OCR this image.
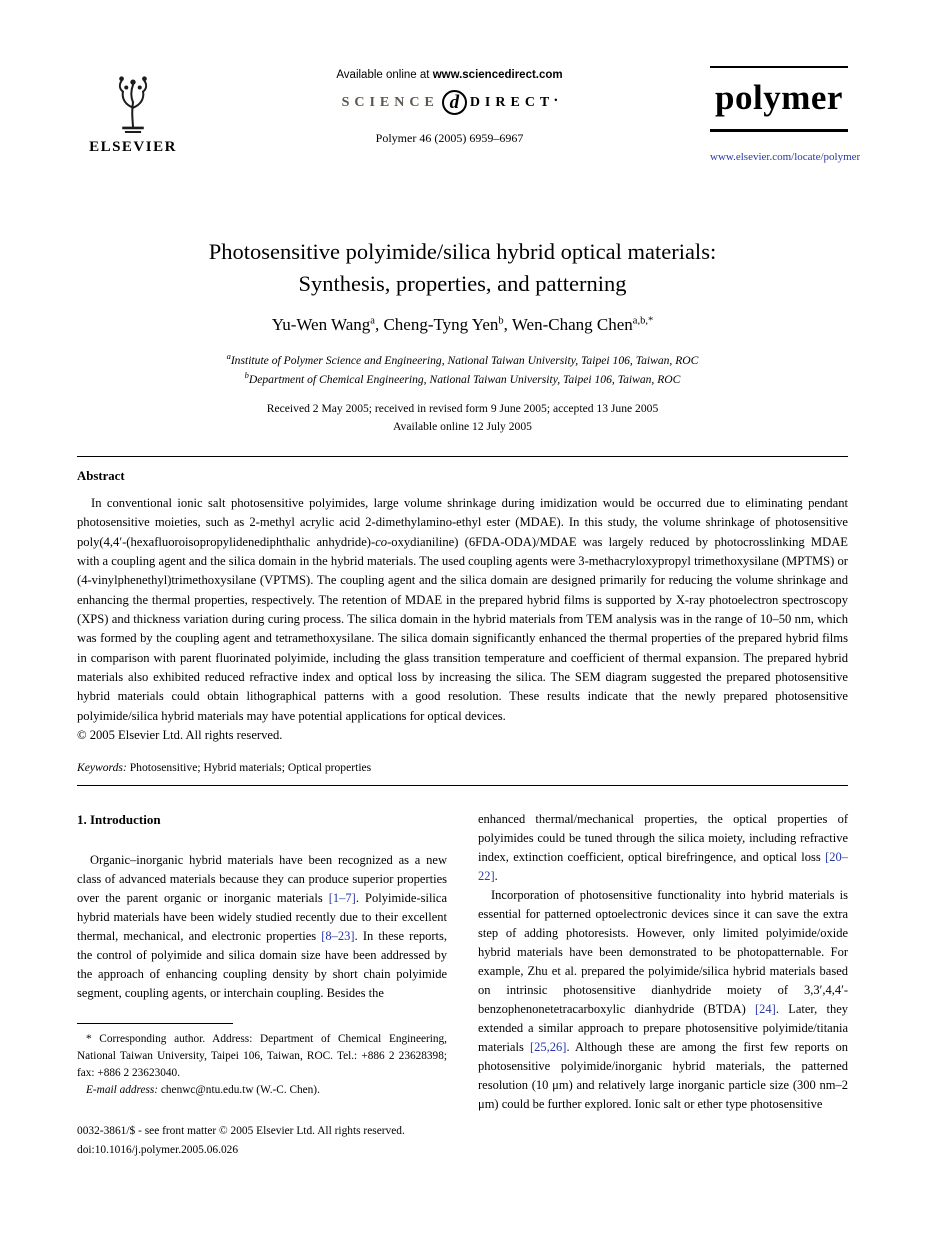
ELSEVIER
Available online at www.sciencedirect.com
SCIENCE d DIRECT•
Polymer 46 (2005) 6959–6967
polymer
www.elsevier.com/locate/polymer
Photosensitive polyimide/silica hybrid optical materials:
Synthesis, properties, and patterning
Yu-Wen Wang$^a$, Cheng-Tyng Yen$^b$, Wen-Chang Chen$^{a,b,*}$
$^a$Institute of Polymer Science and Engineering, National Taiwan University, Taipei 106, Taiwan, ROC
$^b$Department of Chemical Engineering, National Taiwan University, Taipei 106, Taiwan, ROC
Received 2 May 2005; received in revised form 9 June 2005; accepted 13 June 2005
Available online 12 July 2005
Abstract

In conventional ionic salt photosensitive polyimides, large volume shrinkage during imidization would be occurred due to eliminating pendant photosensitive moieties, such as 2-methyl acrylic acid 2-dimethylamino-ethyl ester (MDAE). In this study, the volume shrinkage of photosensitive poly(4,4′-(hexafluoroisopropylidenediphthalic anhydride)-co-oxydianiline) (6FDA-ODA)/MDAE was largely reduced by photocrosslinking MDAE with a coupling agent and the silica domain in the hybrid materials. The used coupling agents were 3-methacryloxypropyl trimethoxysilane (MPTMS) or (4-vinylphenethyl)trimethoxysilane (VPTMS). The coupling agent and the silica domain are designed primarily for reducing the volume shrinkage and enhancing the thermal properties, respectively. The retention of MDAE in the prepared hybrid films is supported by X-ray photoelectron spectroscopy (XPS) and thickness variation during curing process. The silica domain in the hybrid materials from TEM analysis was in the range of 10–50 nm, which was formed by the coupling agent and tetramethoxysilane. The silica domain significantly enhanced the thermal properties of the prepared hybrid films in comparison with parent fluorinated polyimide, including the glass transition temperature and coefficient of thermal expansion. The prepared hybrid materials also exhibited reduced refractive index and optical loss by increasing the silica. The SEM diagram suggested the prepared photosensitive hybrid materials could obtain lithographical patterns with a good resolution. These results indicate that the newly prepared photosensitive polyimide/silica hybrid materials may have potential applications for optical devices.

© 2005 Elsevier Ltd. All rights reserved.

Keywords: Photosensitive; Hybrid materials; Optical properties

1. Introduction

Organic–inorganic hybrid materials have been recognized as a new class of advanced materials because they can produce superior properties over the parent organic or inorganic materials [1–7]. Polyimide-silica hybrid materials have been widely studied recently due to their excellent thermal, mechanical, and electronic properties [8–23]. In these reports, the control of polyimide and silica domain size have been addressed by the approach of enhancing coupling density by short chain polyimide segment, coupling agents, or interchain coupling. Besides the

* Corresponding author. Address: Department of Chemical Engineering, National Taiwan University, Taipei 106, Taiwan, ROC. Tel.: +886 2 23628398; fax: +886 2 23623040.

E-mail address: chenwc@ntu.edu.tw (W.-C. Chen).

0032-3861/$ - see front matter © 2005 Elsevier Ltd. All rights reserved.

doi:10.1016/j.polymer.2005.06.026

enhanced thermal/mechanical properties, the optical properties of polyimides could be tuned through the silica moiety, including refractive index, extinction coefficient, optical birefringence, and optical loss [20–22].

Incorporation of photosensitive functionality into hybrid materials is essential for patterned optoelectronic devices since it can save the extra step of adding photoresists. However, only limited polyimide/oxide hybrid materials have been demonstrated to be photopatternable. For example, Zhu et al. prepared the polyimide/silica hybrid materials based on intrinsic photosensitive dianhydride moiety of 3,3′,4,4′-benzophenonetetracarboxylic dianhydride (BTDA) [24]. Later, they extended a similar approach to prepare photosensitive polyimide/titania materials [25,26]. Although these are among the first few reports on photosensitive polyimide/inorganic hybrid materials, the patterned resolution (10 μm) and relatively large inorganic particle size (300 nm–2 μm) could be further explored. Ionic salt or ether type photosensitive
